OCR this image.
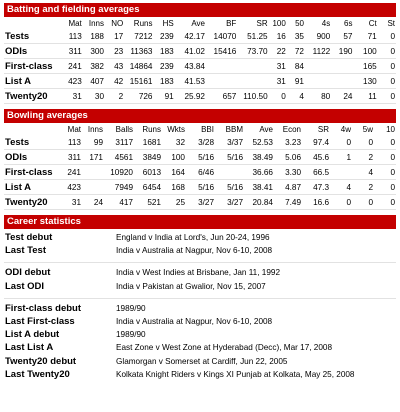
Batting and fielding averages
	Mat	Inns	NO	Runs	HS	Ave	BF	SR	100	50	4s	6s	Ct	St
Tests	113	188	17	7212	239	42.17	14070	51.25	16	35	900	57	71	0
ODIs	311	300	23	11363	183	41.02	15416	73.70	22	72	1122	190	100	0
First-class	241	382	43	14864	239	43.84			31	84			165	0
List A	423	407	42	15161	183	41.53			31	91			130	0
Twenty20	31	30	2	726	91	25.92	657	110.50	0	4	80	24	11	0
Bowling averages
	Mat	Inns	Balls	Runs	Wkts	BBI	BBM	Ave	Econ	SR	4w	5w	10
Tests	113	99	3117	1681	32	3/28	3/37	52.53	3.23	97.4	0	0	0
ODIs	311	171	4561	3849	100	5/16	5/16	38.49	5.06	45.6	1	2	0
First-class	241		10920	6013	164	6/46		36.66	3.30	66.5		4	0
List A	423		7949	6454	168	5/16	5/16	38.41	4.87	47.3	4	2	0
Twenty20	31	24	417	521	25	3/27	3/27	20.84	7.49	16.6	0	0	0
Career statistics
Test debut	England v India at Lord's, Jun 20-24, 1996
Last Test	India v Australia at Nagpur, Nov 6-10, 2008
ODI debut	India v West Indies at Brisbane, Jan 11, 1992
Last ODI	India v Pakistan at Gwalior, Nov 15, 2007
First-class debut	1989/90
Last First-class	India v Australia at Nagpur, Nov 6-10, 2008
List A debut	1989/90
Last List A	East Zone v West Zone at Hyderabad (Decc), Mar 17, 2008
Twenty20 debut	Glamorgan v Somerset at Cardiff, Jun 22, 2005
Last Twenty20	Kolkata Knight Riders v Kings XI Punjab at Kolkata, May 25, 2008
